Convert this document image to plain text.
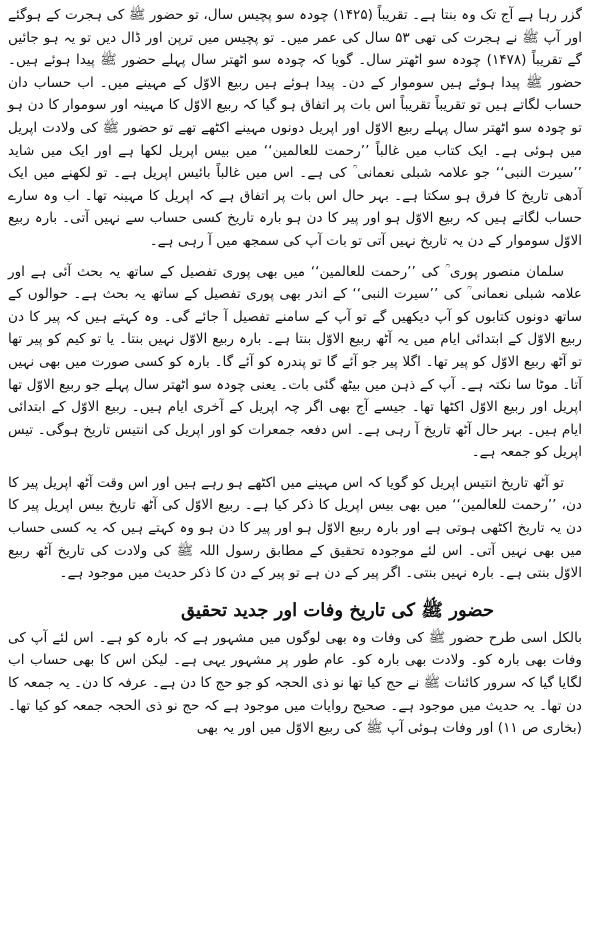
گزر رہا ہے آج تک وہ بنتا ہے۔ تقریباً (۱۴۲۵) چودہ سو پچیس سال، تو حضور ﷺ کی ہجرت کے ہوگئے اور آپ ﷺ نے ہجرت کی تھی ۵۳ سال کی عمر میں۔ تو پچیس میں ترپن اور ڈال دیں تو یہ ہو جائیں گے تقریباً (۱۴۷۸) چودہ سو اٹھتر سال۔ گویا کہ چودہ سو اٹھتر سال پہلے حضور ﷺ پیدا ہوئے ہیں۔ حضور ﷺ پیدا ہوئے ہیں سوموار کے دن۔ پیدا ہوئے ہیں ربیع الاوّل کے مہینے میں۔ اب حساب دان حساب لگاتے ہیں تو تقریباً تقریباً اس بات پر اتفاق ہو گیا کہ ربیع الاوّل کا مہینہ اور سوموار کا دن ہو تو چودہ سو اٹھتر سال پہلے ربیع الاوّل اور اپریل دونوں مہینے اکٹھے تھے تو حضور ﷺ کی ولادت اپریل میں ہوئی ہے۔ ایک کتاب میں غالباً ’’رحمت للعالمین‘‘ میں بیس اپریل لکھا ہے اور ایک میں شاید ’’سیرت النبی‘‘ جو علامہ شبلی نعمانی ؒ کی ہے۔ اس میں غالباً بائیس اپریل ہے۔ تو لکھنے میں ایک آدھی تاریخ کا فرق ہو سکتا ہے۔ بہر حال اس بات پر اتفاق ہے کہ اپریل کا مہینہ تھا۔ اب وہ سارے حساب لگاتے ہیں کہ ربیع الاوّل ہو اور پیر کا دن ہو بارہ تاریخ کسی حساب سے نہیں آتی۔ بارہ ربیع الاوّل سوموار کے دن یہ تاریخ نہیں آتی تو بات آپ کی سمجھ میں آ رہی ہے۔

سلمان منصور پوری ؒ کی ’’رحمت للعالمین‘‘ میں بھی پوری تفصیل کے ساتھ یہ بحث آئی ہے اور علامہ شبلی نعمانی ؒ کی ’’سیرت النبی‘‘ کے اندر بھی پوری تفصیل کے ساتھ یہ بحث ہے۔ حوالوں کے ساتھ دونوں کتابوں کو آپ دیکھیں گے تو آپ کے سامنے تفصیل آ جائے گی۔ وہ کہتے ہیں کہ پیر کا دن ربیع الاوّل کے ابتدائی ایام میں یہ آٹھ ربیع الاوّل بنتا ہے۔ بارہ ربیع الاوّل نہیں بنتا۔ یا تو کیم کو پیر تھا تو آٹھ ربیع الاوّل کو پیر تھا۔ اگلا پیر جو آئے گا تو پندرہ کو آئے گا۔ بارہ کو کسی صورت میں بھی نہیں آتا۔ موٹا سا نکتہ ہے۔ آپ کے ذہن میں بیٹھ گئی بات۔ یعنی چودہ سو اٹھتر سال پہلے جو ربیع الاوّل تھا اپریل اور ربیع الاوّل اکٹھا تھا۔ جیسے آج بھی اگر چہ اپریل کے آخری ایام ہیں۔ ربیع الاوّل کے ابتدائی ایام ہیں۔ بہر حال آٹھ تاریخ آ رہی ہے۔ اس دفعہ جمعرات کو اور اپریل کی انتیس تاریخ ہوگی۔ تیس اپریل کو جمعہ ہے۔

تو آٹھ تاریخ انتیس اپریل کو گویا کہ اس مہینے میں اکٹھے ہو رہے ہیں اور اس وقت آٹھ اپریل پیر کا دن، ’’رحمت للعالمین‘‘ میں بھی بیس اپریل کا ذکر کیا ہے۔ ربیع الاوّل کی آٹھ تاریخ بیس اپریل پیر کا دن یہ تاریخ اکٹھی ہوتی ہے اور بارہ ربیع الاوّل ہو اور پیر کا دن ہو وہ کہتے ہیں کہ یہ کسی حساب میں بھی نہیں آتی۔ اس لئے موجودہ تحقیق کے مطابق رسول اللہ ﷺ کی ولادت کی تاریخ آٹھ ربیع الاوّل بنتی ہے۔ بارہ نہیں بنتی۔ اگر پیر کے دن ہے تو پیر کے دن کا ذکر حدیث میں موجود ہے۔

حضور ﷺ کی تاریخ وفات اور جدید تحقیق

بالکل اسی طرح حضور ﷺ کی وفات وہ بھی لوگوں میں مشہور ہے کہ بارہ کو ہے۔ اس لئے آپ کی وفات بھی بارہ کو۔ ولادت بھی بارہ کو۔ عام طور پر مشہور یہی ہے۔ لیکن اس کا بھی حساب اب لگایا گیا کہ سرور کائنات ﷺ نے حج کیا تھا نو ذی الحجہ کو جو حج کا دن ہے۔ عرفہ کا دن۔ یہ جمعہ کا دن تھا۔ یہ حدیث میں موجود ہے۔ صحیح روایات میں موجود ہے کہ حج نو ذی الحجہ جمعہ کو کیا تھا۔ (بخاری ص ۱۱) اور وفات ہوئی آپ ﷺ کی ربیع الاوّل میں اور یہ بھی
